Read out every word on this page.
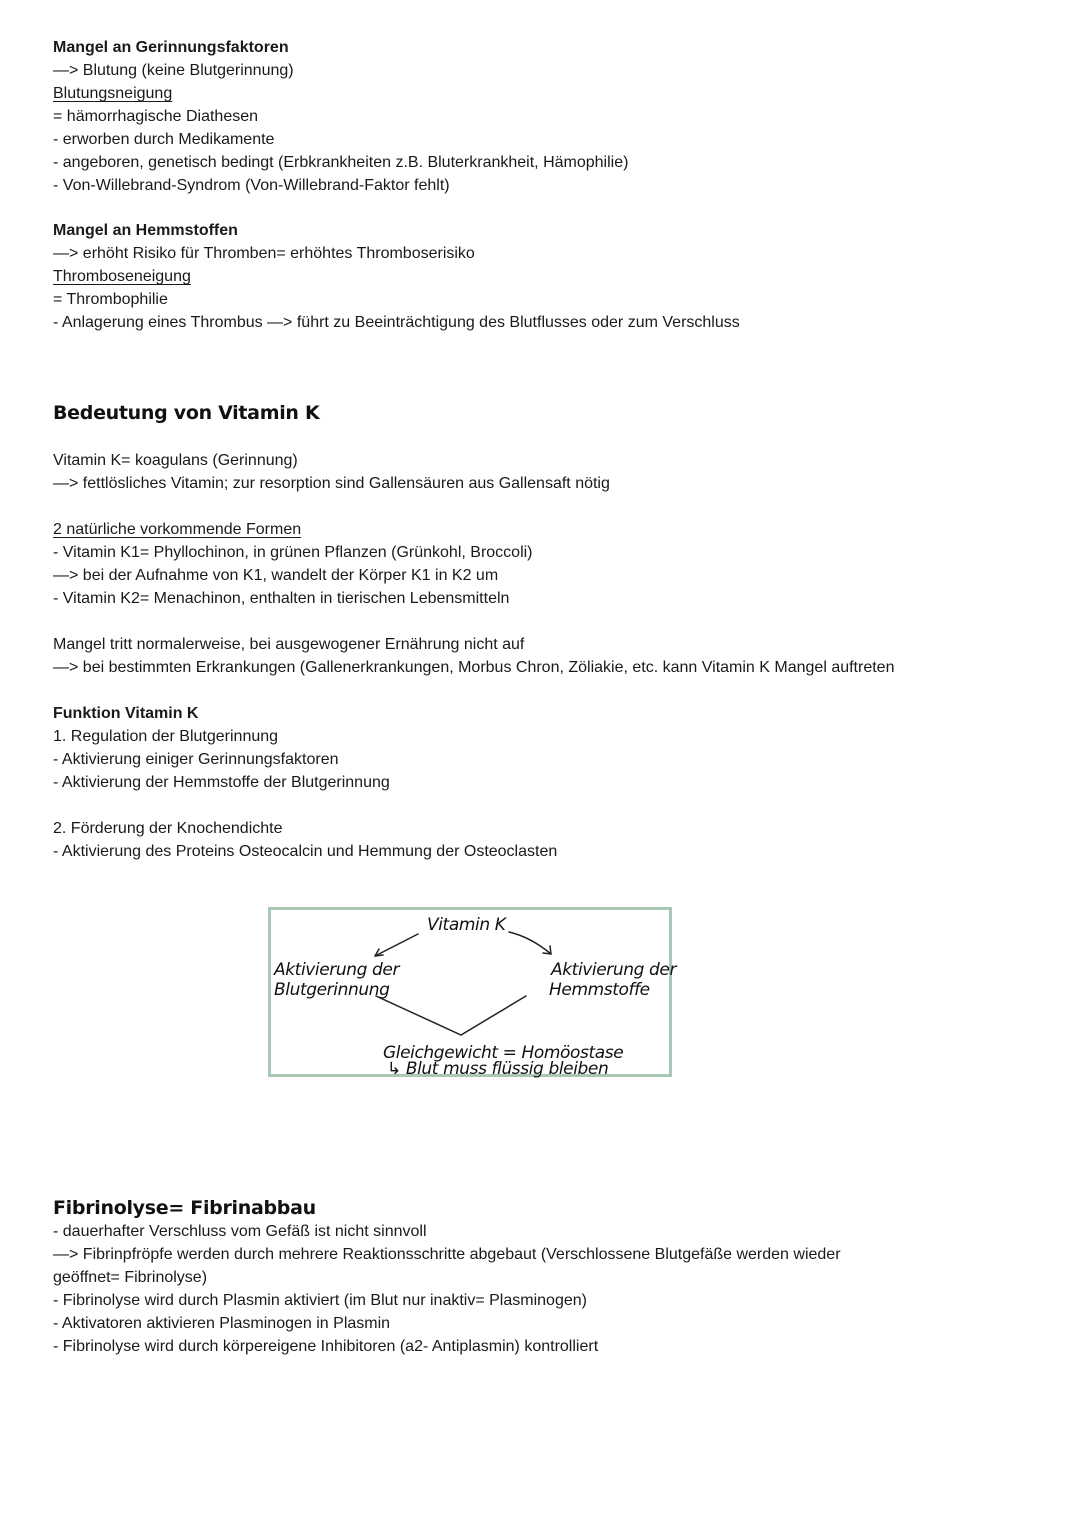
Mangel an Gerinnungsfaktoren
—> Blutung (keine Blutgerinnung)
Blutungsneigung
= hämorrhagische Diathesen
- erworben durch Medikamente
- angeboren, genetisch bedingt (Erbkrankheiten z.B. Bluterkrankheit, Hämophilie)
- Von-Willebrand-Syndrom (Von-Willebrand-Faktor fehlt)
Mangel an Hemmstoffen
—> erhöht Risiko für Thromben= erhöhtes Thromboserisiko
Thromboseneigung
= Thrombophilie
- Anlagerung eines Thrombus —> führt zu Beeinträchtigung des Blutflusses oder zum Verschluss
Bedeutung von Vitamin K
Vitamin K= koagulans (Gerinnung)
—> fettlösliches Vitamin; zur resorption sind Gallensäuren aus Gallensaft nötig
2 natürliche vorkommende Formen
- Vitamin K1= Phyllochinon, in grünen Pflanzen (Grünkohl, Broccoli)
—> bei der Aufnahme von K1, wandelt der Körper K1 in K2 um
- Vitamin K2= Menachinon, enthalten in tierischen Lebensmitteln
Mangel tritt normalerweise, bei ausgewogener Ernährung nicht auf
—> bei bestimmten Erkrankungen (Gallenerkrankungen, Morbus Chron, Zöliakie, etc. kann Vitamin K Mangel auftreten
Funktion Vitamin K
1. Regulation der Blutgerinnung
- Aktivierung einiger Gerinnungsfaktoren
- Aktivierung der Hemmstoffe der Blutgerinnung
2. Förderung der Knochendichte
- Aktivierung des Proteins Osteocalcin und Hemmung der Osteoclasten
Vitamin K
Aktivierung der
Blutgerinnung
Aktivierung der
Hemmstoffe
Gleichgewicht = Homöostase
↳ Blut muss flüssig bleiben
Fibrinolyse= Fibrinabbau
- dauerhafter Verschluss vom Gefäß ist nicht sinnvoll
—> Fibrinpfröpfe werden durch mehrere Reaktionsschritte abgebaut (Verschlossene Blutgefäße werden wieder
geöffnet= Fibrinolyse)
- Fibrinolyse wird durch Plasmin aktiviert (im Blut nur inaktiv= Plasminogen)
- Aktivatoren aktivieren Plasminogen in Plasmin
- Fibrinolyse wird durch körpereigene Inhibitoren (a2- Antiplasmin) kontrolliert
